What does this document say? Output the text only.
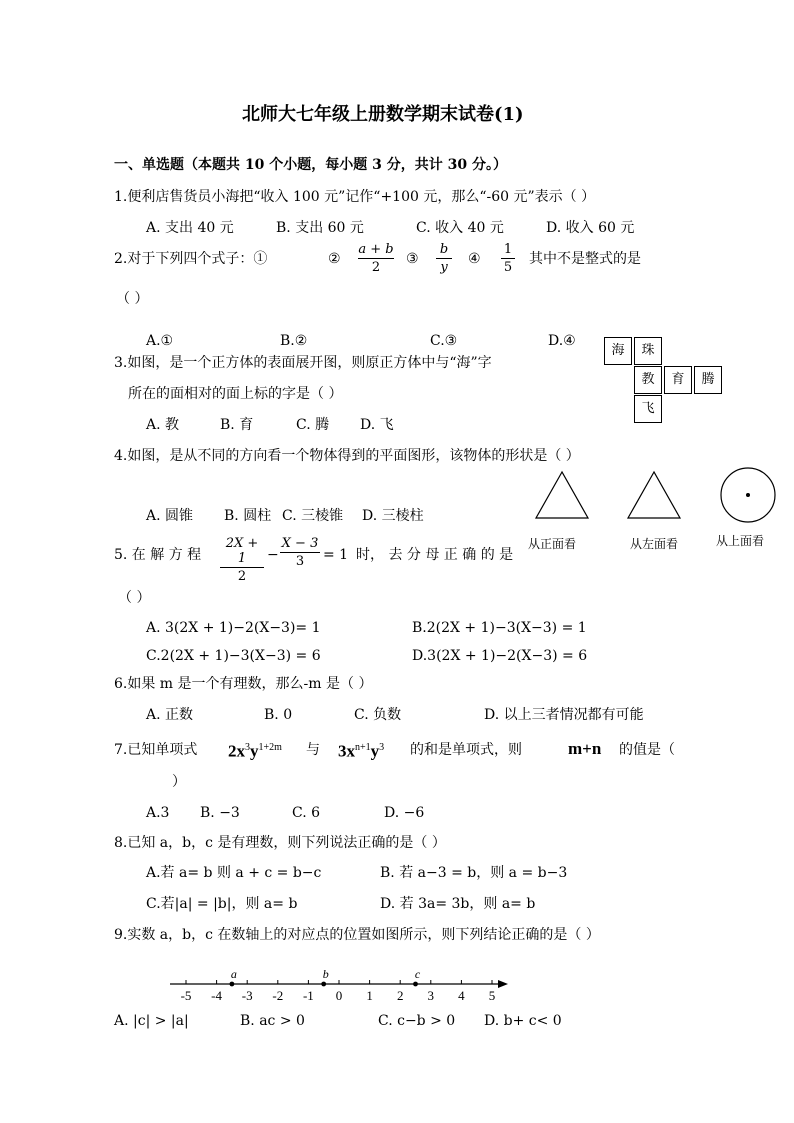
北师大七年级上册数学期末试卷(1)
一、单选题（本题共 10 个小题，每小题 3 分，共计 30 分。）
1.便利店售货员小海把“收入 100 元”记作“+100 元，那么“-60 元”表示（ ）
A. 支出 40 元	B. 支出 60 元	C. 收入 40 元	D. 收入 60 元
2.对于下列四个式子：①	②
a + b
2
③
b
y
④
1
5
其中不是整式的是
（ ）
A.①	B.②	C.③	D.④
3.如图，是一个正方体的表面展开图，则原正方体中与“海”字
所在的面相对的面上标的字是（ ）
A. 教	B. 育	C. 腾 D. 飞
海	珠
教	育	腾
飞
4.如图，是从不同的方向看一个物体得到的平面图形，该物体的形状是（ ）
A. 圆锥 B. 圆柱 C. 三棱锥 D. 三棱柱
从正面看	从左面看	从上面看
5. 在 解 方 程
2X + 1
2
−
X − 3
3	= 1 时， 去 分 母 正 确 的 是
（ ）
A. 3(2X + 1)−2(X−3)= 1	B.2(2X + 1)−3(X−3) = 1
C.2(2X + 1)−3(X−3) = 6	D.3(2X + 1)−2(X−3) = 6
6.如果 m 是一个有理数，那么-m 是（ ）
A. 正数	B. 0	C. 负数	D. 以上三者情况都有可能
7.已知单项式 $2x^3y^{1+2m}$ 与 $3x^{n+1}y^3$ 的和是单项式，则	m+n 的值是（
）
A.3 B. −3	C. 6	D. −6
8.已知 a，b，c 是有理数，则下列说法正确的是（ ）
A.若 a= b 则 a + c = b−c	B. 若 a−3 = b，则 a = b−3
C.若|a| = |b|，则 a= b	D. 若 3a= 3b，则 a= b
9.实数 a，b，c 在数轴上的对应点的位置如图所示，则下列结论正确的是（ ）
-5 -4 -3 -2 -1 0 1 2 3 4 5
a	b	c
A. |c| > |a|	B. ac > 0	C. c−b > 0 D. b+ c< 0
